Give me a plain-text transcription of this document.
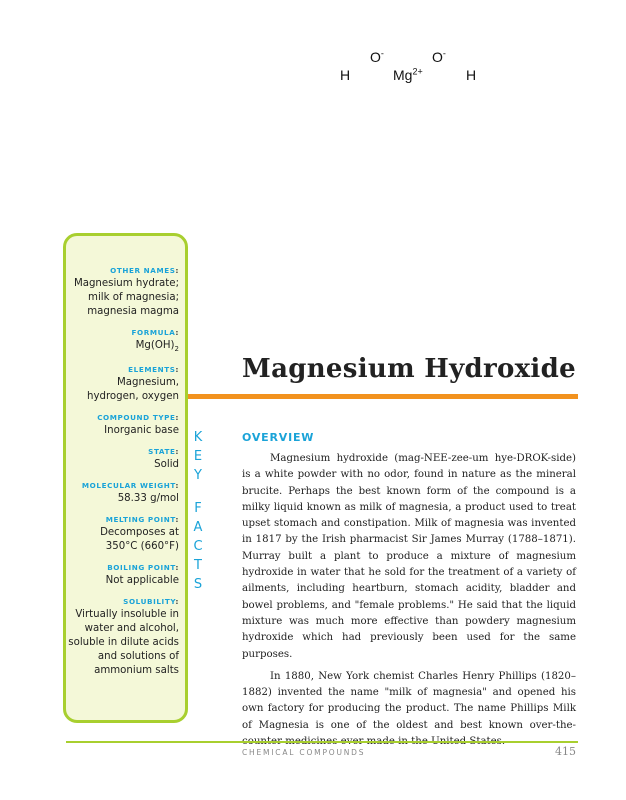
O-	O-
H	$Mg^{2+}$	H
OTHER NAMES:
Magnesium hydrate;
milk of magnesia;
magnesia magma
FORMULA:
$Mg(OH)_2$
ELEMENTS:
Magnesium,
hydrogen, oxygen
COMPOUND TYPE:
Inorganic base
STATE:
Solid
MOLECULAR WEIGHT:
58.33 g/mol
MELTING POINT:
Decomposes at
350°C (660°F)
BOILING POINT:
Not applicable
SOLUBILITY:
Virtually insoluble in
water and alcohol,
soluble in dilute acids
and solutions of
ammonium salts
K
E
Y
F
A
C
T
S
Magnesium Hydroxide
OVERVIEW

Magnesium hydroxide (mag-NEE-zee-um hye-DROK-side) is a white powder with no odor, found in nature as the mineral brucite. Perhaps the best known form of the compound is a milky liquid known as milk of magnesia, a product used to treat upset stomach and constipation. Milk of magnesia was invented in 1817 by the Irish pharmacist Sir James Murray (1788–1871). Murray built a plant to produce a mixture of magnesium hydroxide in water that he sold for the treatment of a variety of ailments, including heartburn, stomach acidity, bladder and bowel problems, and "female problems." He said that the liquid mixture was much more effective than powdery magnesium hydroxide which had previously been used for the same purposes.

In 1880, New York chemist Charles Henry Phillips (1820–1882) invented the name "milk of magnesia" and opened his own factory for producing the product. The name Phillips Milk of Magnesia is one of the oldest and best known over-the-

CHEMICAL COMPOUNDS	415
